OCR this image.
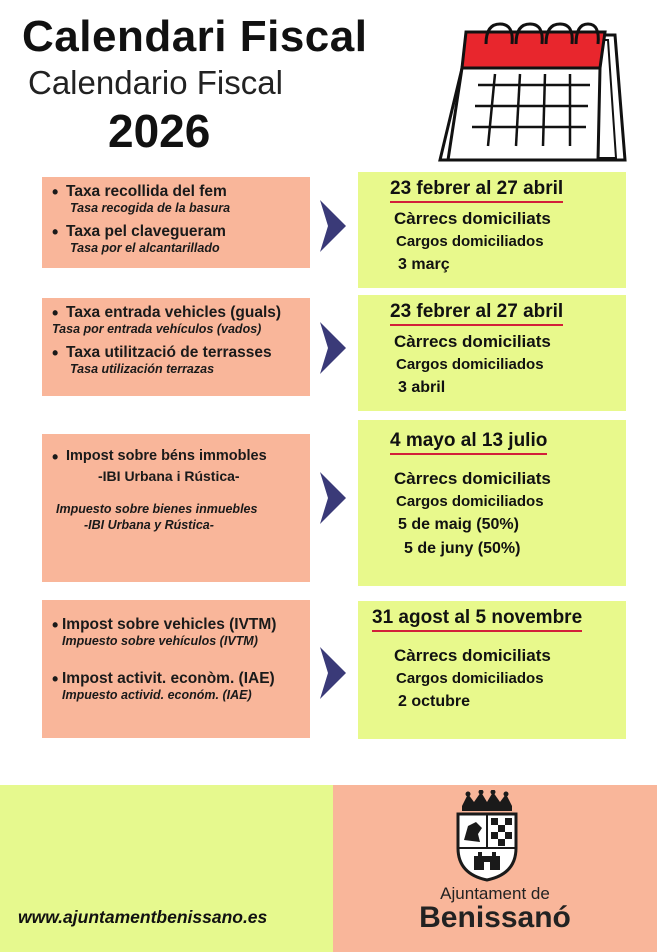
Calendari Fiscal
Calendario Fiscal
2026
• Taxa recollida del fem
Tasa recogida de la basura
• Taxa pel clavegueram
Tasa por el alcantarillado
23 febrer al 27 abril
Càrrecs domiciliats
Cargos domiciliados
3 març
• Taxa entrada vehicles (guals)
Tasa por entrada vehículos (vados)
• Taxa utilització de terrasses
Tasa utilización terrazas
23 febrer al 27 abril
Càrrecs domiciliats
Cargos domiciliados
3 abril
• Impost sobre béns immobles
-IBI Urbana i Rústica-
Impuesto sobre bienes inmuebles
-IBI Urbana y Rústica-
4 mayo al 13 julio
Càrrecs domiciliats
Cargos domiciliados
5 de maig (50%)
5 de juny (50%)
• Impost sobre vehicles (IVTM)
Impuesto sobre vehículos (IVTM)
• Impost activit. econòm. (IAE)
Impuesto activid. económ. (IAE)
31 agost al 5 novembre
Càrrecs domiciliats
Cargos domiciliados
2 octubre
www.ajuntamentbenissano.es
Ajuntament de
Benissanó
